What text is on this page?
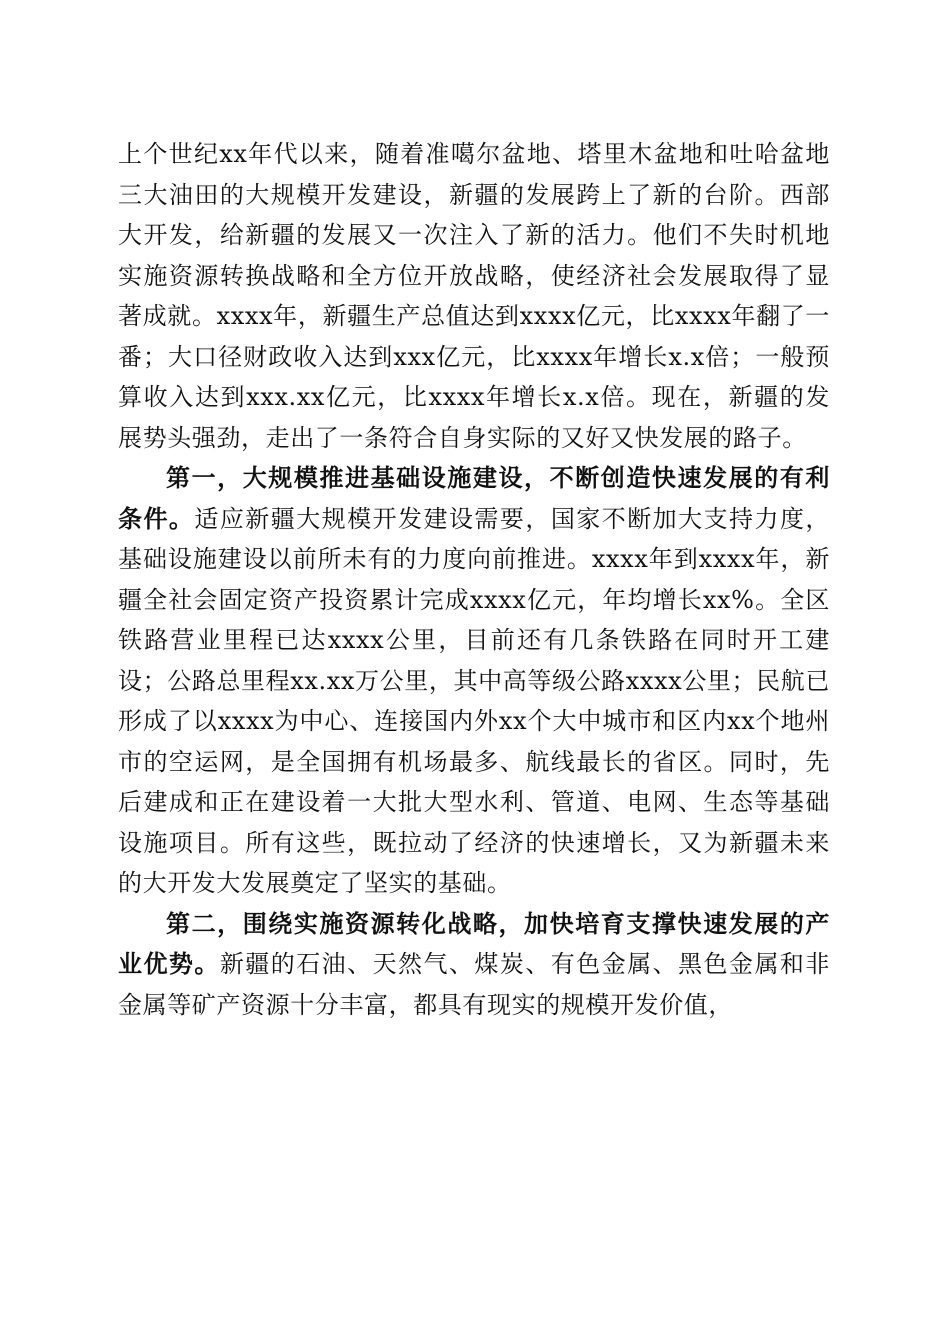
上个世纪xx年代以来，随着准噶尔盆地、塔里木盆地和吐哈盆地三大油田的大规模开发建设，新疆的发展跨上了新的台阶。西部大开发，给新疆的发展又一次注入了新的活力。他们不失时机地实施资源转换战略和全方位开放战略，使经济社会发展取得了显著成就。xxxx年，新疆生产总值达到xxxx亿元，比xxxx年翻了一番；大口径财政收入达到xxx亿元，比xxxx年增长x.x倍；一般预算收入达到xxx.xx亿元，比xxxx年增长x.x倍。现在，新疆的发展势头强劲，走出了一条符合自身实际的又好又快发展的路子。

第一，大规模推进基础设施建设，不断创造快速发展的有利条件。适应新疆大规模开发建设需要，国家不断加大支持力度，基础设施建设以前所未有的力度向前推进。xxxx年到xxxx年，新疆全社会固定资产投资累计完成xxxx亿元，年均增长xx%。全区铁路营业里程已达xxxx公里，目前还有几条铁路在同时开工建设；公路总里程xx.xx万公里，其中高等级公路xxxx公里；民航已形成了以xxxx为中心、连接国内外xx个大中城市和区内xx个地州市的空运网，是全国拥有机场最多、航线最长的省区。同时，先后建成和正在建设着一大批大型水利、管道、电网、生态等基础设施项目。所有这些，既拉动了经济的快速增长，又为新疆未来的大开发大发展奠定了坚实的基础。

第二，围绕实施资源转化战略，加快培育支撑快速发展的产业优势。新疆的石油、天然气、煤炭、有色金属、黑色金属和非金属等矿产资源十分丰富，都具有现实的规模开发价值，
